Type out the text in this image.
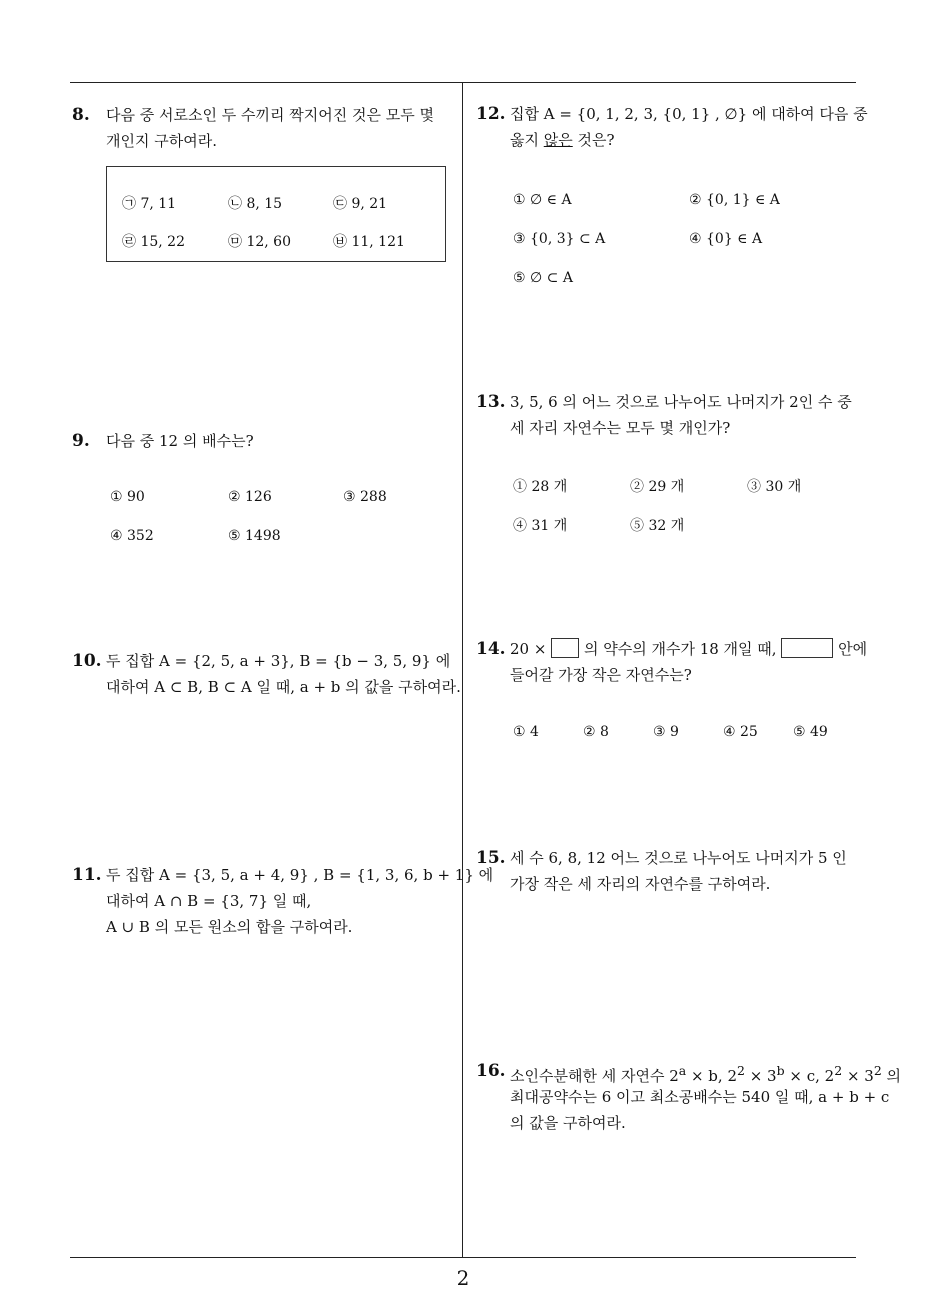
8. 다음 중 서로소인 두 수끼리 짝지어진 것은 모두 몇
개인지 구하여라.
㉠ 7, 11	㉡ 8, 15	㉢ 9, 21
㉣ 15, 22	㉤ 12, 60	㉥ 11, 121
9. 다음 중 12 의 배수는?
① 90	② 126	③ 288
④ 352	⑤ 1498
10. 두 집합 A = {2, 5, a + 3}, B = {b − 3, 5, 9} 에
대하여 A ⊂ B, B ⊂ A 일 때, a + b 의 값을 구하여라.
11. 두 집합 A = {3, 5, a + 4, 9} , B = {1, 3, 6, b + 1} 에
대하여 A ∩ B = {3, 7} 일 때,
A ∪ B 의 모든 원소의 합을 구하여라.
12. 집합 A = {0, 1, 2, 3, {0, 1} , ∅} 에 대하여 다음 중
옳지 않은 것은?
① ∅ ∈ A	② {0, 1} ∈ A
③ {0, 3} ⊂ A	④ {0} ∈ A
⑤ ∅ ⊂ A
13. 3, 5, 6 의 어느 것으로 나누어도 나머지가 2인 수 중
세 자리 자연수는 모두 몇 개인가?
① 28 개	② 29 개	③ 30 개
④ 31 개	⑤ 32 개
14. 20 ×  의 약수의 개수가 18 개일 때,	안에
들어갈 가장 작은 자연수는?
① 4	② 8	③ 9	④ 25	⑤ 49
15. 세 수 6, 8, 12 어느 것으로 나누어도 나머지가 5 인
가장 작은 세 자리의 자연수를 구하여라.
16. 소인수분해한 세 자연수 $2^a \times b$, $2^2 \times 3^b \times c$, $2^2 \times 3^2$ 의
최대공약수는 6 이고 최소공배수는 540 일 때, a + b + c
의 값을 구하여라.
2
